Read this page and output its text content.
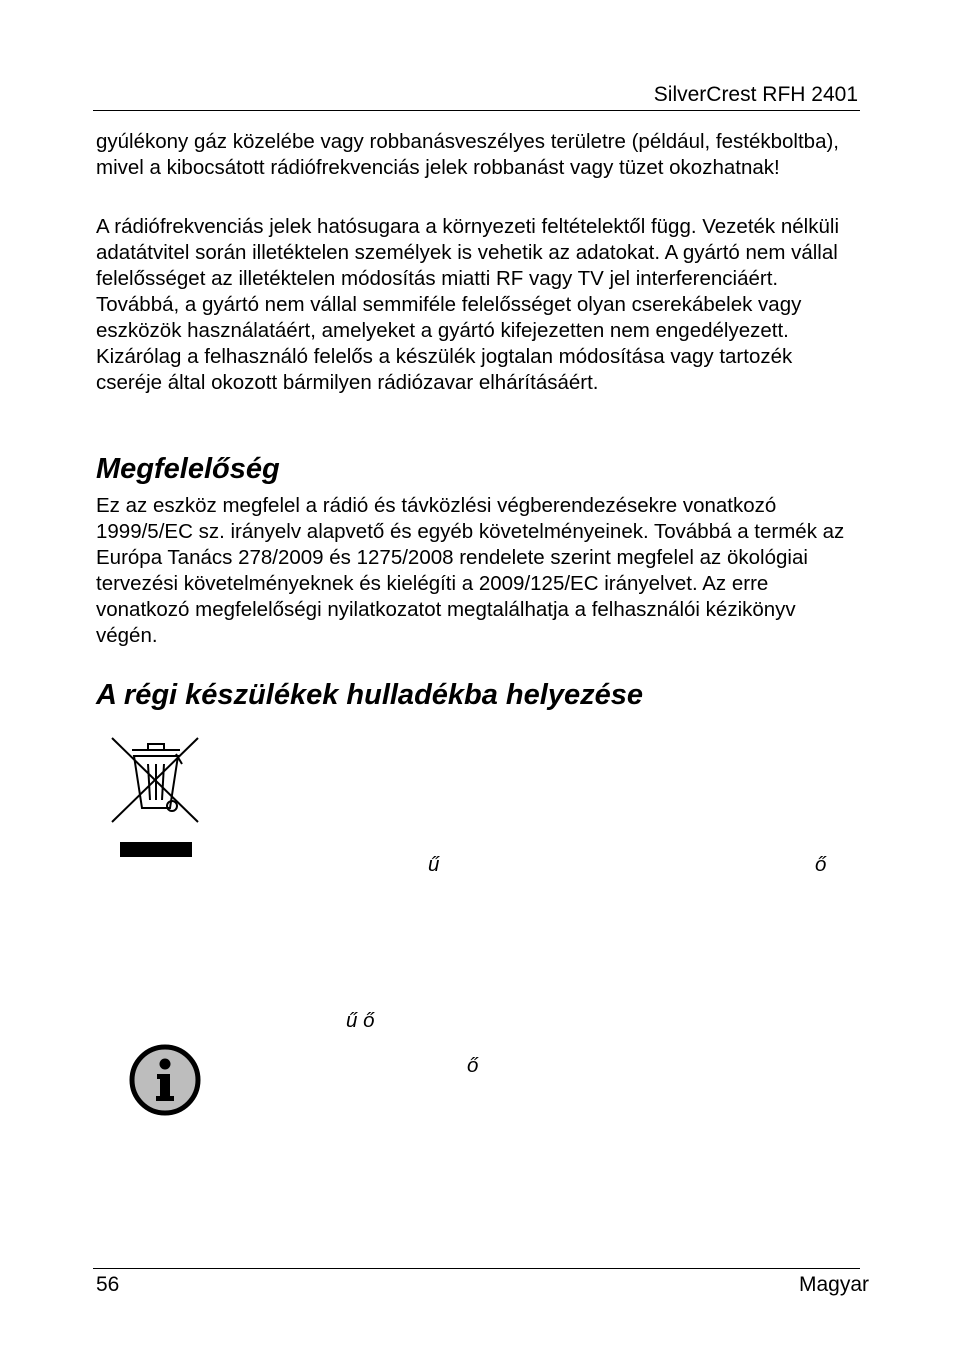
SilverCrest RFH 2401

gyúlékony gáz közelébe vagy robbanásveszélyes területre (például, festékboltba), mivel a kibocsátott rádiófrekvenciás jelek robbanást vagy tüzet okozhatnak!

A rádiófrekvenciás jelek hatósugara a környezeti feltételektől függ. Vezeték nélküli adatátvitel során illetéktelen személyek is vehetik az adatokat. A gyártó nem vállal felelősséget az illetéktelen módosítás miatti RF vagy TV jel interferenciáért. Továbbá, a gyártó nem vállal semmiféle felelősséget olyan cserekábelek vagy eszközök használatáért, amelyeket a gyártó kifejezetten nem engedélyezett. Kizárólag a felhasználó felelős a készülék jogtalan módosítása vagy tartozék cseréje által okozott bármilyen rádiózavar elhárításáért.

Megfelelőség

Ez az eszköz megfelel a rádió és távközlési végberendezésekre vonatkozó 1999/5/EC sz. irányelv alapvető és egyéb követelményeinek. Továbbá a termék az Európa Tanács 278/2009 és 1275/2008 rendelete szerint megfelel az ökológiai tervezési követelményeknek és kielégíti a 2009/125/EC irányelvet. Az erre vonatkozó megfelelőségi nyilatkozatot megtalálhatja a felhasználói kézikönyv végén.

A régi készülékek hulladékba helyezése
ű	ő
ű ő
ő
56	Magyar
